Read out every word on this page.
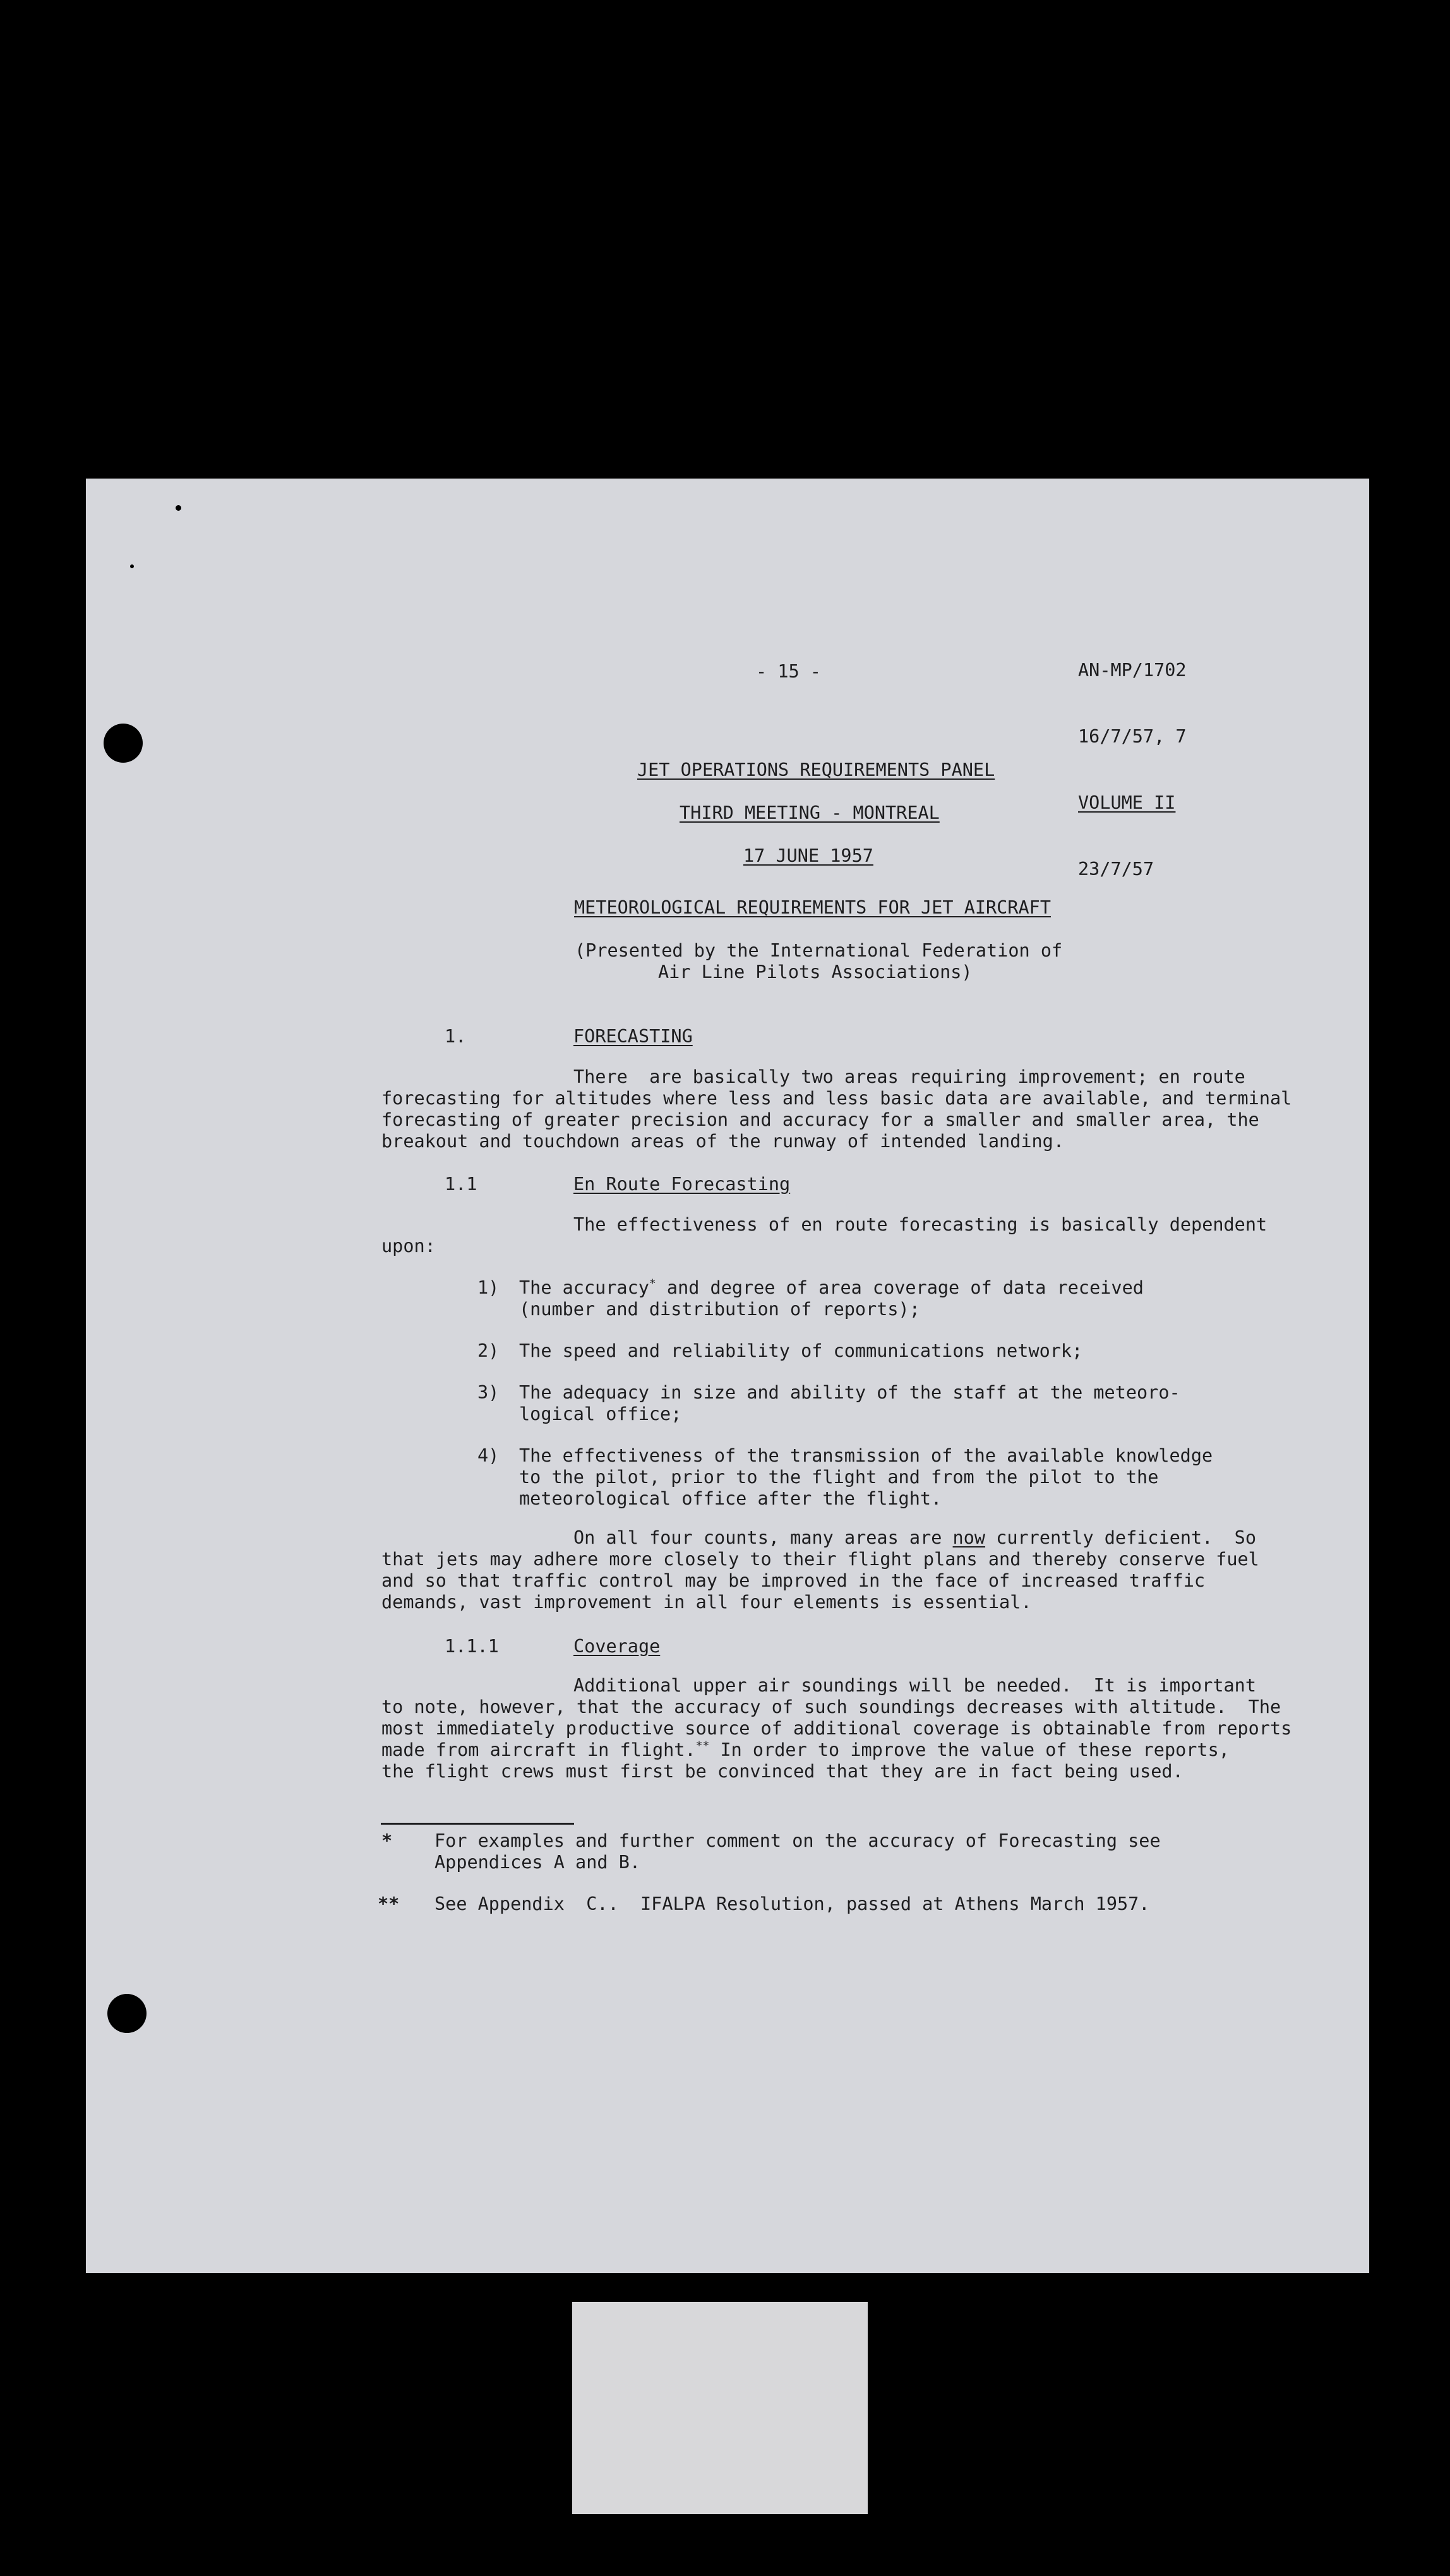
AN-MP/1702

16/7/57, 7

VOLUME II

23/7/57

- 15 -
JET OPERATIONS REQUIREMENTS PANEL
THIRD MEETING - MONTREAL
17 JUNE 1957
METEOROLOGICAL REQUIREMENTS FOR JET AIRCRAFT
(Presented by the International Federation of
Air Line Pilots Associations)
1.	FORECASTING
There  are basically two areas requiring improvement; en route
forecasting for altitudes where less and less basic data are available, and terminal
forecasting of greater precision and accuracy for a smaller and smaller area, the
breakout and touchdown areas of the runway of intended landing.
1.1	En Route Forecasting
The effectiveness of en route forecasting is basically dependent
upon:
1) The accuracy* and degree of area coverage of data received
(number and distribution of reports);
2) The speed and reliability of communications network;
3) The adequacy in size and ability of the staff at the meteoro-
logical office;
4) The effectiveness of the transmission of the available knowledge
to the pilot, prior to the flight and from the pilot to the
meteorological office after the flight.
On all four counts, many areas are now currently deficient.  So
that jets may adhere more closely to their flight plans and thereby conserve fuel
and so that traffic control may be improved in the face of increased traffic
demands, vast improvement in all four elements is essential.
1.1.1	Coverage
Additional upper air soundings will be needed.  It is important
to note, however, that the accuracy of such soundings decreases with altitude.  The
most immediately productive source of additional coverage is obtainable from reports
made from aircraft in flight.** In order to improve the value of these reports,
the flight crews must first be convinced that they are in fact being used.
* For examples and further comment on the accuracy of Forecasting see
Appendices A and B.
** See Appendix  C..  IFALPA Resolution, passed at Athens March 1957.
